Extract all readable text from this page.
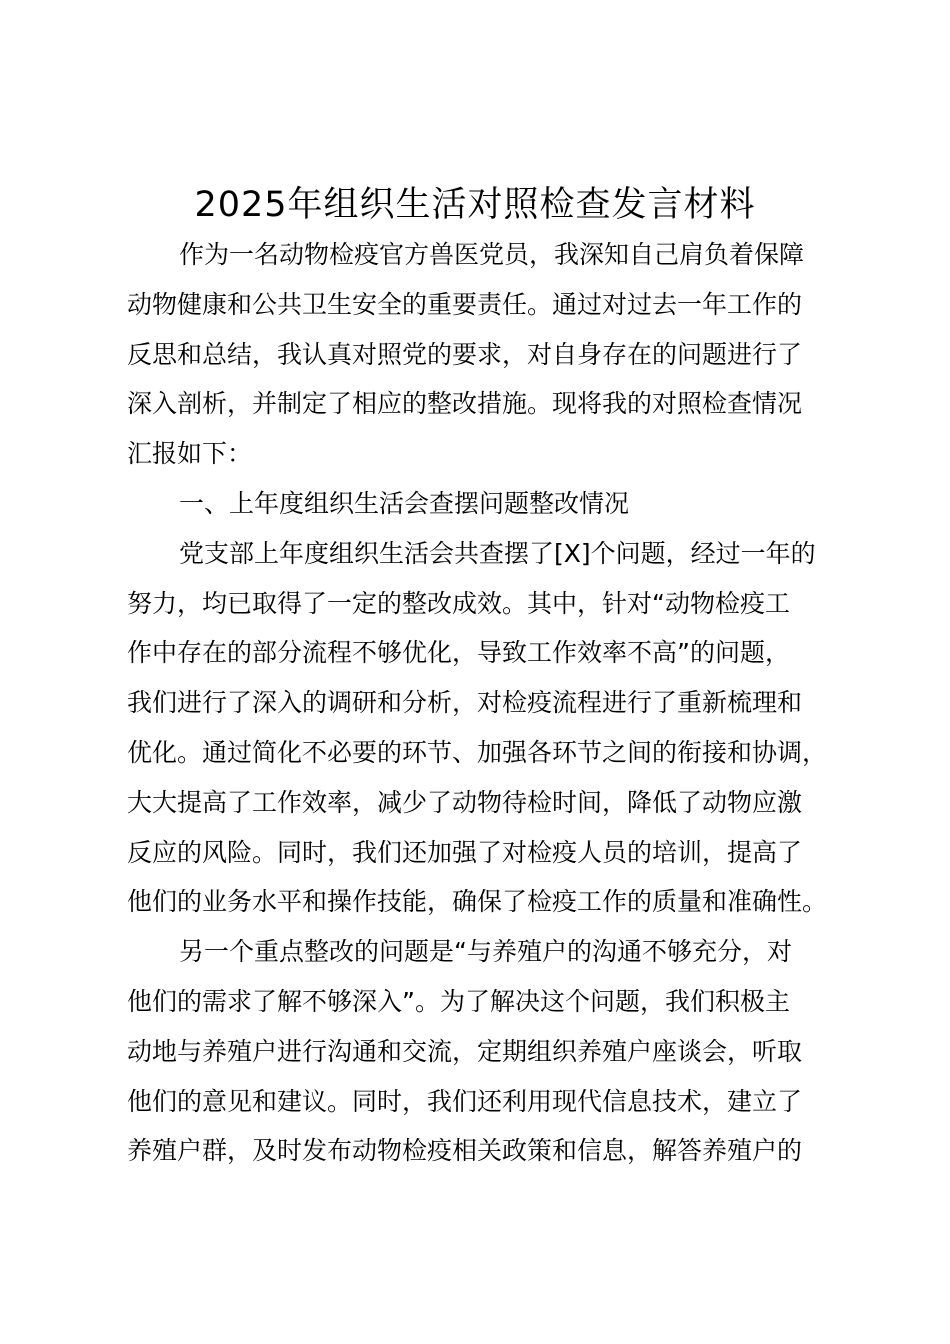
2025年组织生活对照检查发言材料
作为一名动物检疫官方兽医党员，我深知自己肩负着保障
动物健康和公共卫生安全的重要责任。通过对过去一年工作的
反思和总结，我认真对照党的要求，对自身存在的问题进行了
深入剖析，并制定了相应的整改措施。现将我的对照检查情况
汇报如下：
一、上年度组织生活会查摆问题整改情况
党支部上年度组织生活会共查摆了[X]个问题，经过一年的
努力，均已取得了一定的整改成效。其中，针对“动物检疫工
作中存在的部分流程不够优化，导致工作效率不高”的问题，
我们进行了深入的调研和分析，对检疫流程进行了重新梳理和
优化。通过简化不必要的环节、加强各环节之间的衔接和协调，
大大提高了工作效率，减少了动物待检时间，降低了动物应激
反应的风险。同时，我们还加强了对检疫人员的培训，提高了
他们的业务水平和操作技能，确保了检疫工作的质量和准确性。
另一个重点整改的问题是“与养殖户的沟通不够充分，对
他们的需求了解不够深入”。为了解决这个问题，我们积极主
动地与养殖户进行沟通和交流，定期组织养殖户座谈会，听取
他们的意见和建议。同时，我们还利用现代信息技术，建立了
养殖户群，及时发布动物检疫相关政策和信息，解答养殖户的
